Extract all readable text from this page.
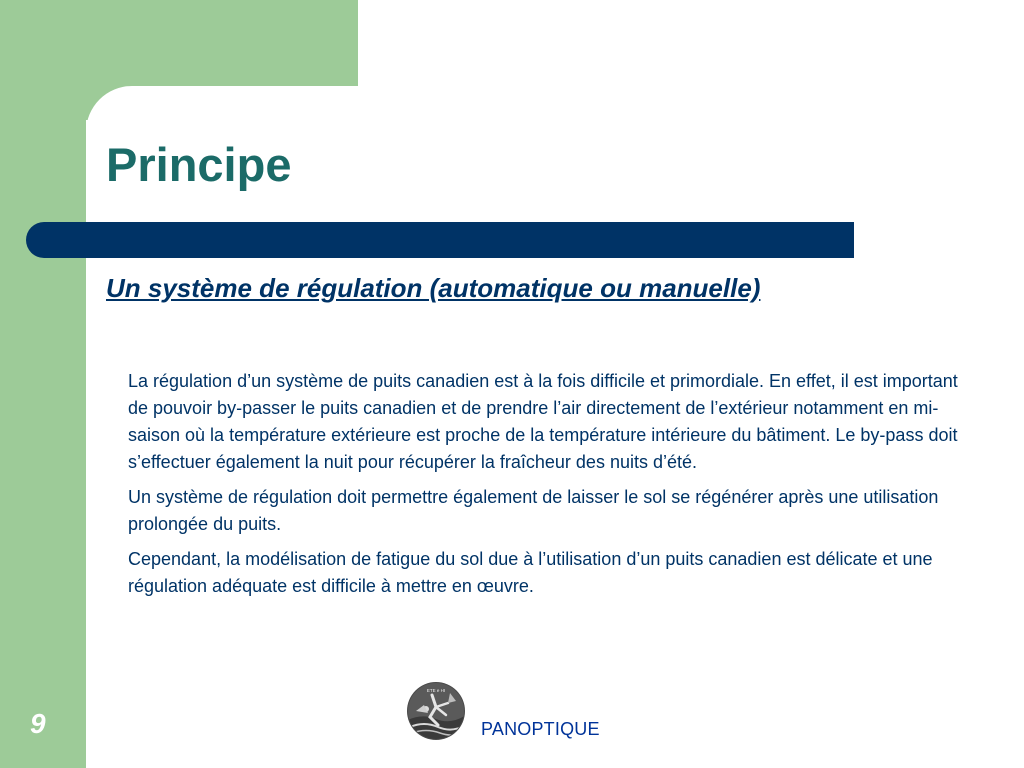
Principe
Un système de régulation (automatique ou manuelle)

La régulation d’un système de puits canadien est à la fois difficile et primordiale. En effet, il est important de pouvoir by-passer le puits canadien et de prendre l’air directement de l’extérieur notamment en mi-saison où la température extérieure est proche de la température intérieure du bâtiment. Le by-pass doit s’effectuer également la nuit pour récupérer la fraîcheur des nuits d’été.

Un système de régulation doit permettre également de laisser le sol se régénérer après une utilisation prolongée du puits.

Cependant, la modélisation de fatigue du sol due à l’utilisation d’un puits canadien est délicate et une régulation adéquate est difficile à mettre en œuvre.

9
ETE e HI
PANOPTIQUE
